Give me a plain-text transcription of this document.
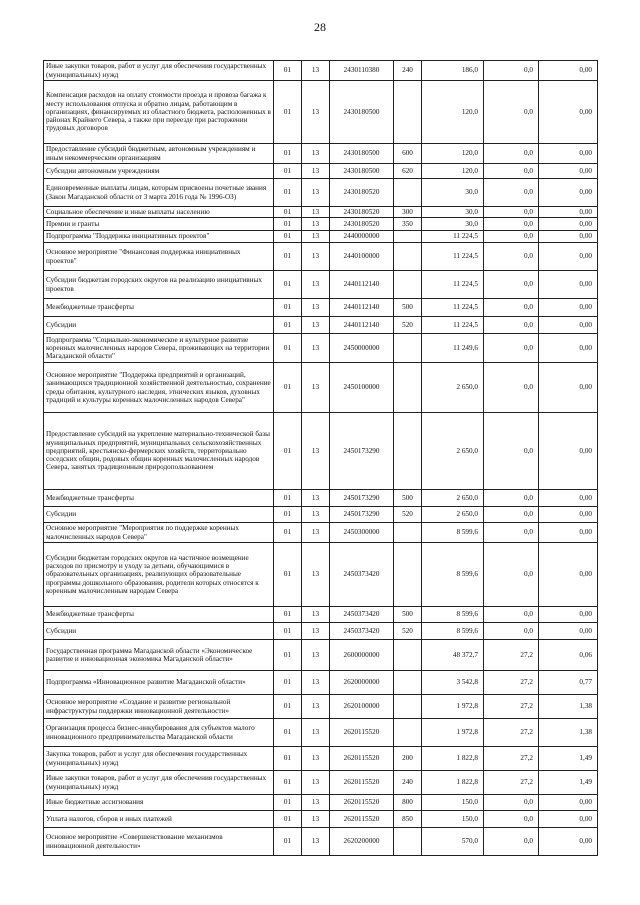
28
Иные закупки товаров, работ и услуг для обеспечения государственных (муниципальных) нужд	01	13	2430110380	240	186,0	0,0	0,00
Компенсация расходов на оплату стоимости проезда и провоза багажа к месту использования отпуска и обратно лицам, работающим в организациях, финансируемых из областного бюджета, расположенных в районах Крайнего Севера, а также при переезде при расторжении трудовых договоров	01	13	2430180500		120,0	0,0	0,00
Предоставление субсидий бюджетным, автономным учреждениям и иным некоммерческим организациям	01	13	2430180500	600	120,0	0,0	0,00
Субсидии автономным учреждениям	01	13	2430180500	620	120,0	0,0	0,00
Единовременные выплаты лицам, которым присвоены почетные звания (Закон Магаданской области от 3 марта 2016 года № 1996-ОЗ)	01	13	2430180520		30,0	0,0	0,00
Социальное обеспечение и иные выплаты населению	01	13	2430180520	300	30,0	0,0	0,00
Премии и гранты	01	13	2430180520	350	30,0	0,0	0,00
Подпрограмма "Поддержка инициативных проектов"	01	13	2440000000		11 224,5	0,0	0,00
Основное мероприятие "Финансовая поддержка инициативных проектов"	01	13	2440100000		11 224,5	0,0	0,00
Субсидии бюджетам городских округов на реализацию инициативных проектов	01	13	2440112140		11 224,5	0,0	0,00
Межбюджетные трансферты	01	13	2440112140	500	11 224,5	0,0	0,00
Субсидии	01	13	2440112140	520	11 224,5	0,0	0,00
Подпрограмма "Социально-экономическое и культурное развитие коренных малочисленных народов Севера, проживающих на территории Магаданской области"	01	13	2450000000		11 249,6	0,0	0,00
Основное мероприятие "Поддержка предприятий и организаций, занимающихся традиционной хозяйственной деятельностью, сохранение среды обитания, культурного наследия, этнических языков, духовных традиций и культуры коренных малочисленных народов Севера"	01	13	2450100000		2 650,0	0,0	0,00
Предоставление субсидий на укрепление материально-технической базы муниципальных предприятий, муниципальных сельскохозяйственных предприятий, крестьянско-фермерских хозяйств, территориально соседских общин, родовых общин коренных малочисленных народов Севера, занятых традиционным природопользованием	01	13	2450173290		2 650,0	0,0	0,00
Межбюджетные трансферты	01	13	2450173290	500	2 650,0	0,0	0,00
Субсидии	01	13	2450173290	520	2 650,0	0,0	0,00
Основное мероприятие "Мероприятия по поддержке коренных малочисленных народов Севера"	01	13	2450300000		8 599,6	0,0	0,00
Субсидии бюджетам городских округов на частичное возмещение расходов по присмотру и уходу за детьми, обучающимися в образовательных организациях, реализующих образовательные программы дошкольного образования, родители которых относятся к коренным малочисленным народам Севера	01	13	2450373420		8 599,6	0,0	0,00
Межбюджетные трансферты	01	13	2450373420	500	8 599,6	0,0	0,00
Субсидии	01	13	2450373420	520	8 599,6	0,0	0,00
Государственная программа Магаданской области «Экономическое развитие и инновационная экономика Магаданской области»	01	13	2600000000		48 372,7	27,2	0,06
Подпрограмма «Инновационное развитие Магаданской области»	01	13	2620000000		3 542,8	27,2	0,77
Основное мероприятие «Создание и развитие региональной инфраструктуры поддержки инновационной деятельности»	01	13	2620100000		1 972,8	27,2	1,38
Организация процесса бизнес-инкубирования для субъектов малого инновационного предпринимательства Магаданской области	01	13	2620115520		1 972,8	27,2	1,38
Закупка товаров, работ и услуг для обеспечения государственных (муниципальных) нужд	01	13	2620115520	200	1 822,8	27,2	1,49
Иные закупки товаров, работ и услуг для обеспечения государственных (муниципальных) нужд	01	13	2620115520	240	1 822,8	27,2	1,49
Иные бюджетные ассигнования	01	13	2620115520	800	150,0	0,0	0,00
Уплата налогов, сборов и иных платежей	01	13	2620115520	850	150,0	0,0	0,00
Основное мероприятие «Совершенствование механизмов инновационной деятельности»	01	13	2620200000		570,0	0,0	0,00
